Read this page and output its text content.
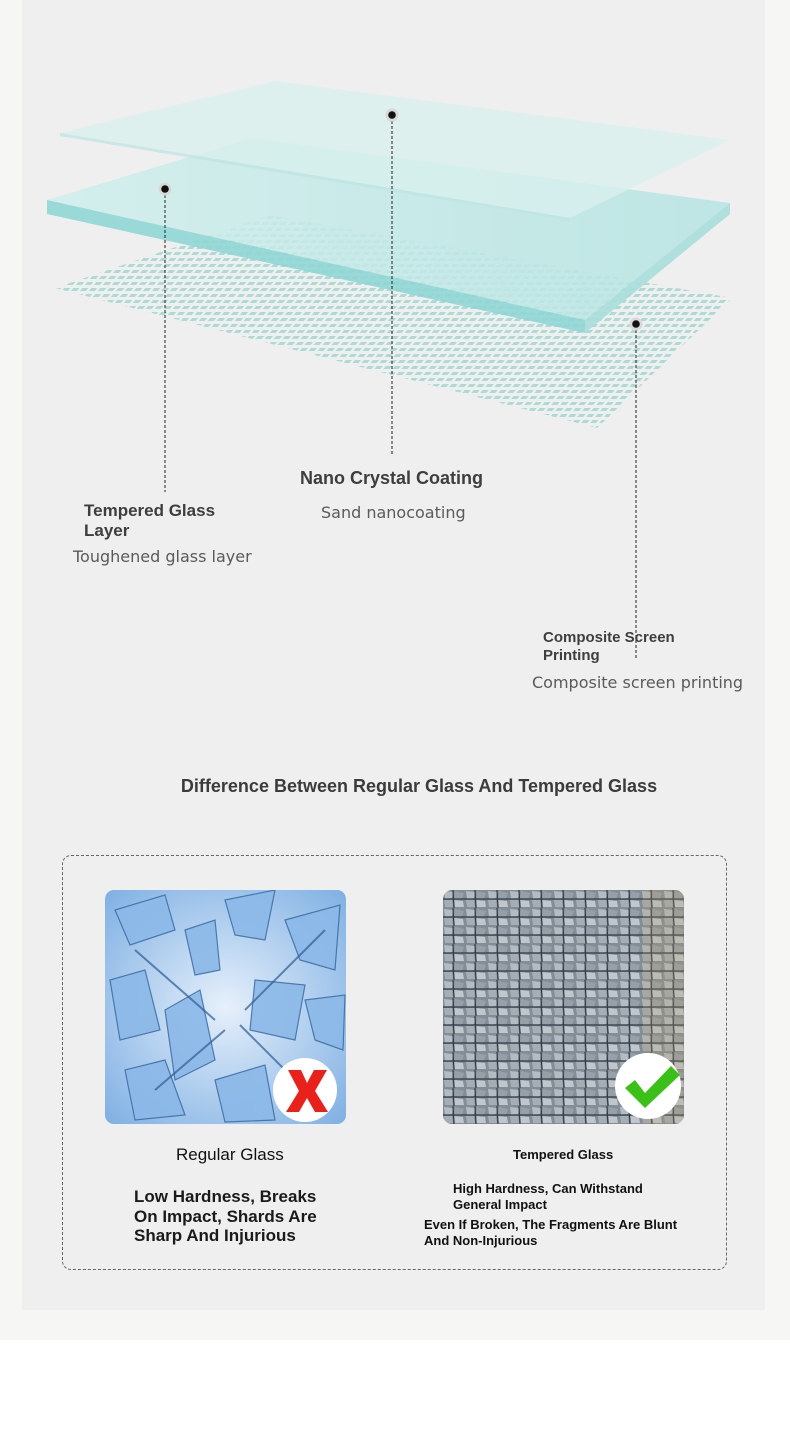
Tempered Glass
Layer
Toughened glass layer
Nano Crystal Coating
Sand nanocoating
Composite Screen
Printing
Composite screen printing
Difference Between Regular Glass And Tempered Glass
Regular Glass
Low Hardness, Breaks
On Impact, Shards Are
Sharp And Injurious
Tempered Glass
High Hardness, Can Withstand
General Impact
Even If Broken, The Fragments Are Blunt
And Non-Injurious
